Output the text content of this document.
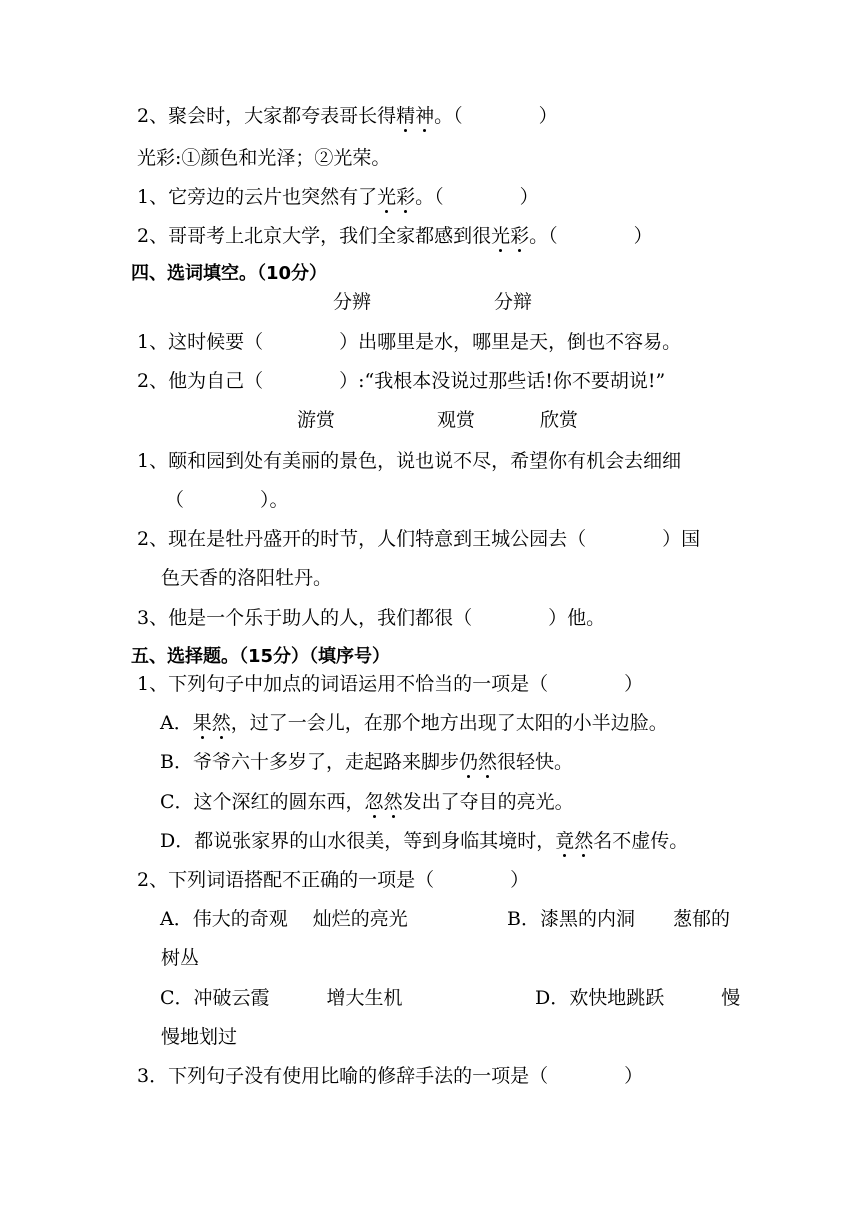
2、聚会时，大家都夸表哥长得精神。（　　　　）
光彩:①颜色和光泽；②光荣。
1、它旁边的云片也突然有了光彩。（　　　　）
2、哥哥考上北京大学，我们全家都感到很光彩。（　　　　）
四、选词填空。（10分）
分辨	分辩
1、这时候要（　　　　）出哪里是水，哪里是天，倒也不容易。
2、他为自己（　　　　）:“我根本没说过那些话!你不要胡说!”
游赏	观赏	欣赏
1、颐和园到处有美丽的景色，说也说不尽，希望你有机会去细细
（　　　　）。
2、现在是牡丹盛开的时节，人们特意到王城公园去（　　　　）国
色天香的洛阳牡丹。
3、他是一个乐于助人的人，我们都很（　　　　）他。
五、选择题。（15分）（填序号）
1、下列句子中加点的词语运用不恰当的一项是（　　　　）
A．果然，过了一会儿，在那个地方出现了太阳的小半边脸。
B．爷爷六十多岁了，走起路来脚步仍然很轻快。
C．这个深红的圆东西，忽然发出了夺目的亮光。
D．都说张家界的山水很美，等到身临其境时，竟然名不虚传。
2、下列词语搭配不正确的一项是（　　　　）
A．伟大的奇观　 灿烂的亮光	B．漆黑的内洞　　葱郁的
树丛
C．冲破云霞　　　增大生机	D．欢快地跳跃　　　慢
慢地划过
3．下列句子没有使用比喻的修辞手法的一项是（　　　　）
